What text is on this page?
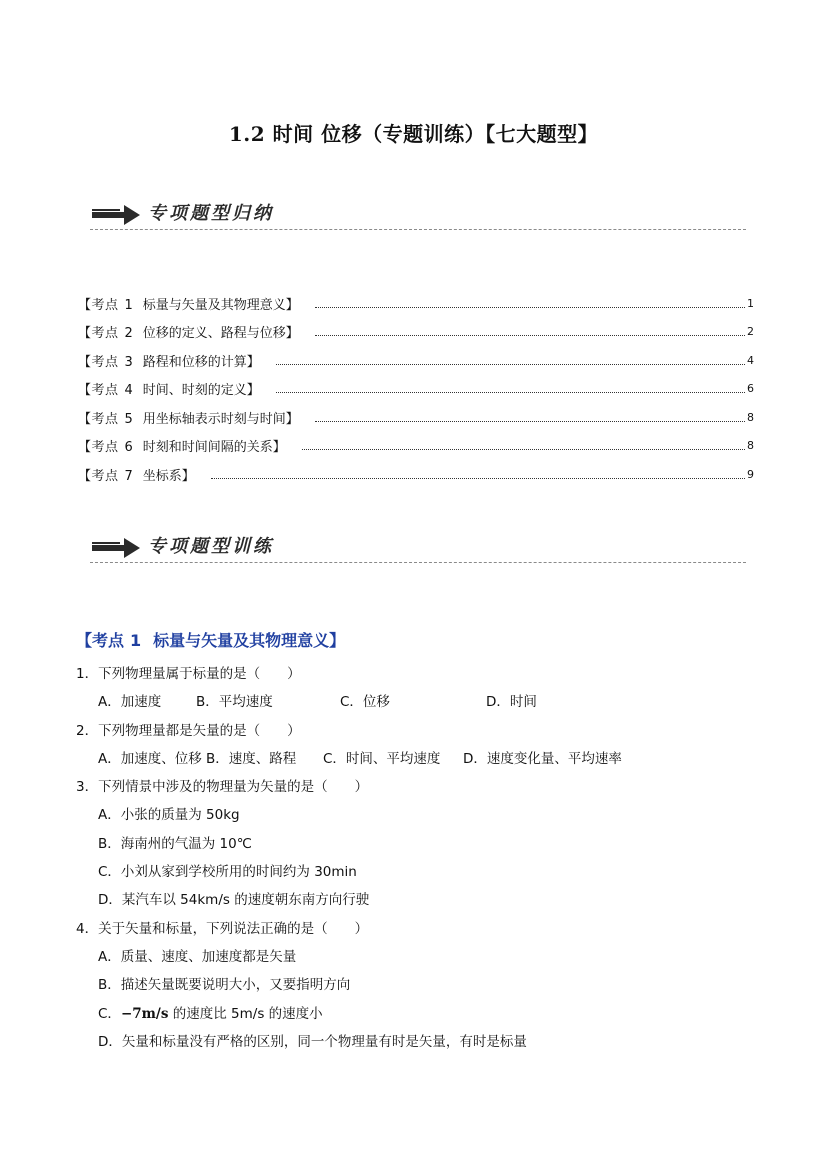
1.2 时间 位移（专题训练）【七大题型】
专项题型归纳
【考点 1 标量与矢量及其物理意义】	1
【考点 2 位移的定义、路程与位移】	2
【考点 3 路程和位移的计算】	4
【考点 4 时间、时刻的定义】	6
【考点 5 用坐标轴表示时刻与时间】	8
【考点 6 时刻和时间间隔的关系】	8
【考点 7 坐标系】	9
专项题型训练
【考点 1 标量与矢量及其物理意义】
1．下列物理量属于标量的是（　　）
A．加速度	B．平均速度	C．位移	D．时间
2．下列物理量都是矢量的是（　　）
A．加速度、位移 B．速度、路程 C．时间、平均速度 D．速度变化量、平均速率
3．下列情景中涉及的物理量为矢量的是（　　）
A．小张的质量为 50kg
B．海南州的气温为 10℃
C．小刘从家到学校所用的时间约为 30min
D．某汽车以 54km/s 的速度朝东南方向行驶
4．关于矢量和标量，下列说法正确的是（　　）
A．质量、速度、加速度都是矢量
B．描述矢量既要说明大小，又要指明方向
C．−7m/s 的速度比 5m/s 的速度小
D．矢量和标量没有严格的区别，同一个物理量有时是矢量，有时是标量
